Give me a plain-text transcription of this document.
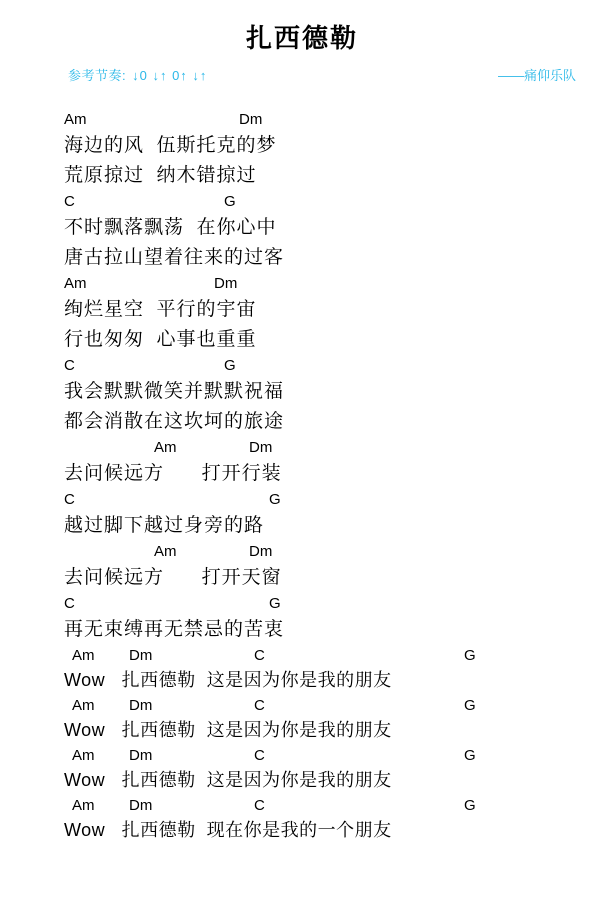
扎西德勒
参考节奏: ↓0 ↓↑ 0↑ ↓↑	——痛仰乐队
Am	Dm
海边的风  伍斯托克的梦
荒原掠过  纳木错掠过
C	G
不时飘落飘荡  在你心中
唐古拉山望着往来的过客
Am	Dm
绚烂星空  平行的宇宙
行也匆匆  心事也重重
C	G
我会默默微笑并默默祝福
都会消散在这坎坷的旅途
Am	Dm
去问候远方      打开行装
C	G
越过脚下越过身旁的路
Am	Dm
去问候远方      打开天窗
C	G
再无束缚再无禁忌的苦衷
Am Dm	C	G
Wow   扎西德勒  这是因为你是我的朋友
Am Dm	C	G
Wow   扎西德勒  这是因为你是我的朋友
Am Dm	C	G
Wow   扎西德勒  这是因为你是我的朋友
Am Dm	C	G
Wow   扎西德勒  现在你是我的一个朋友
